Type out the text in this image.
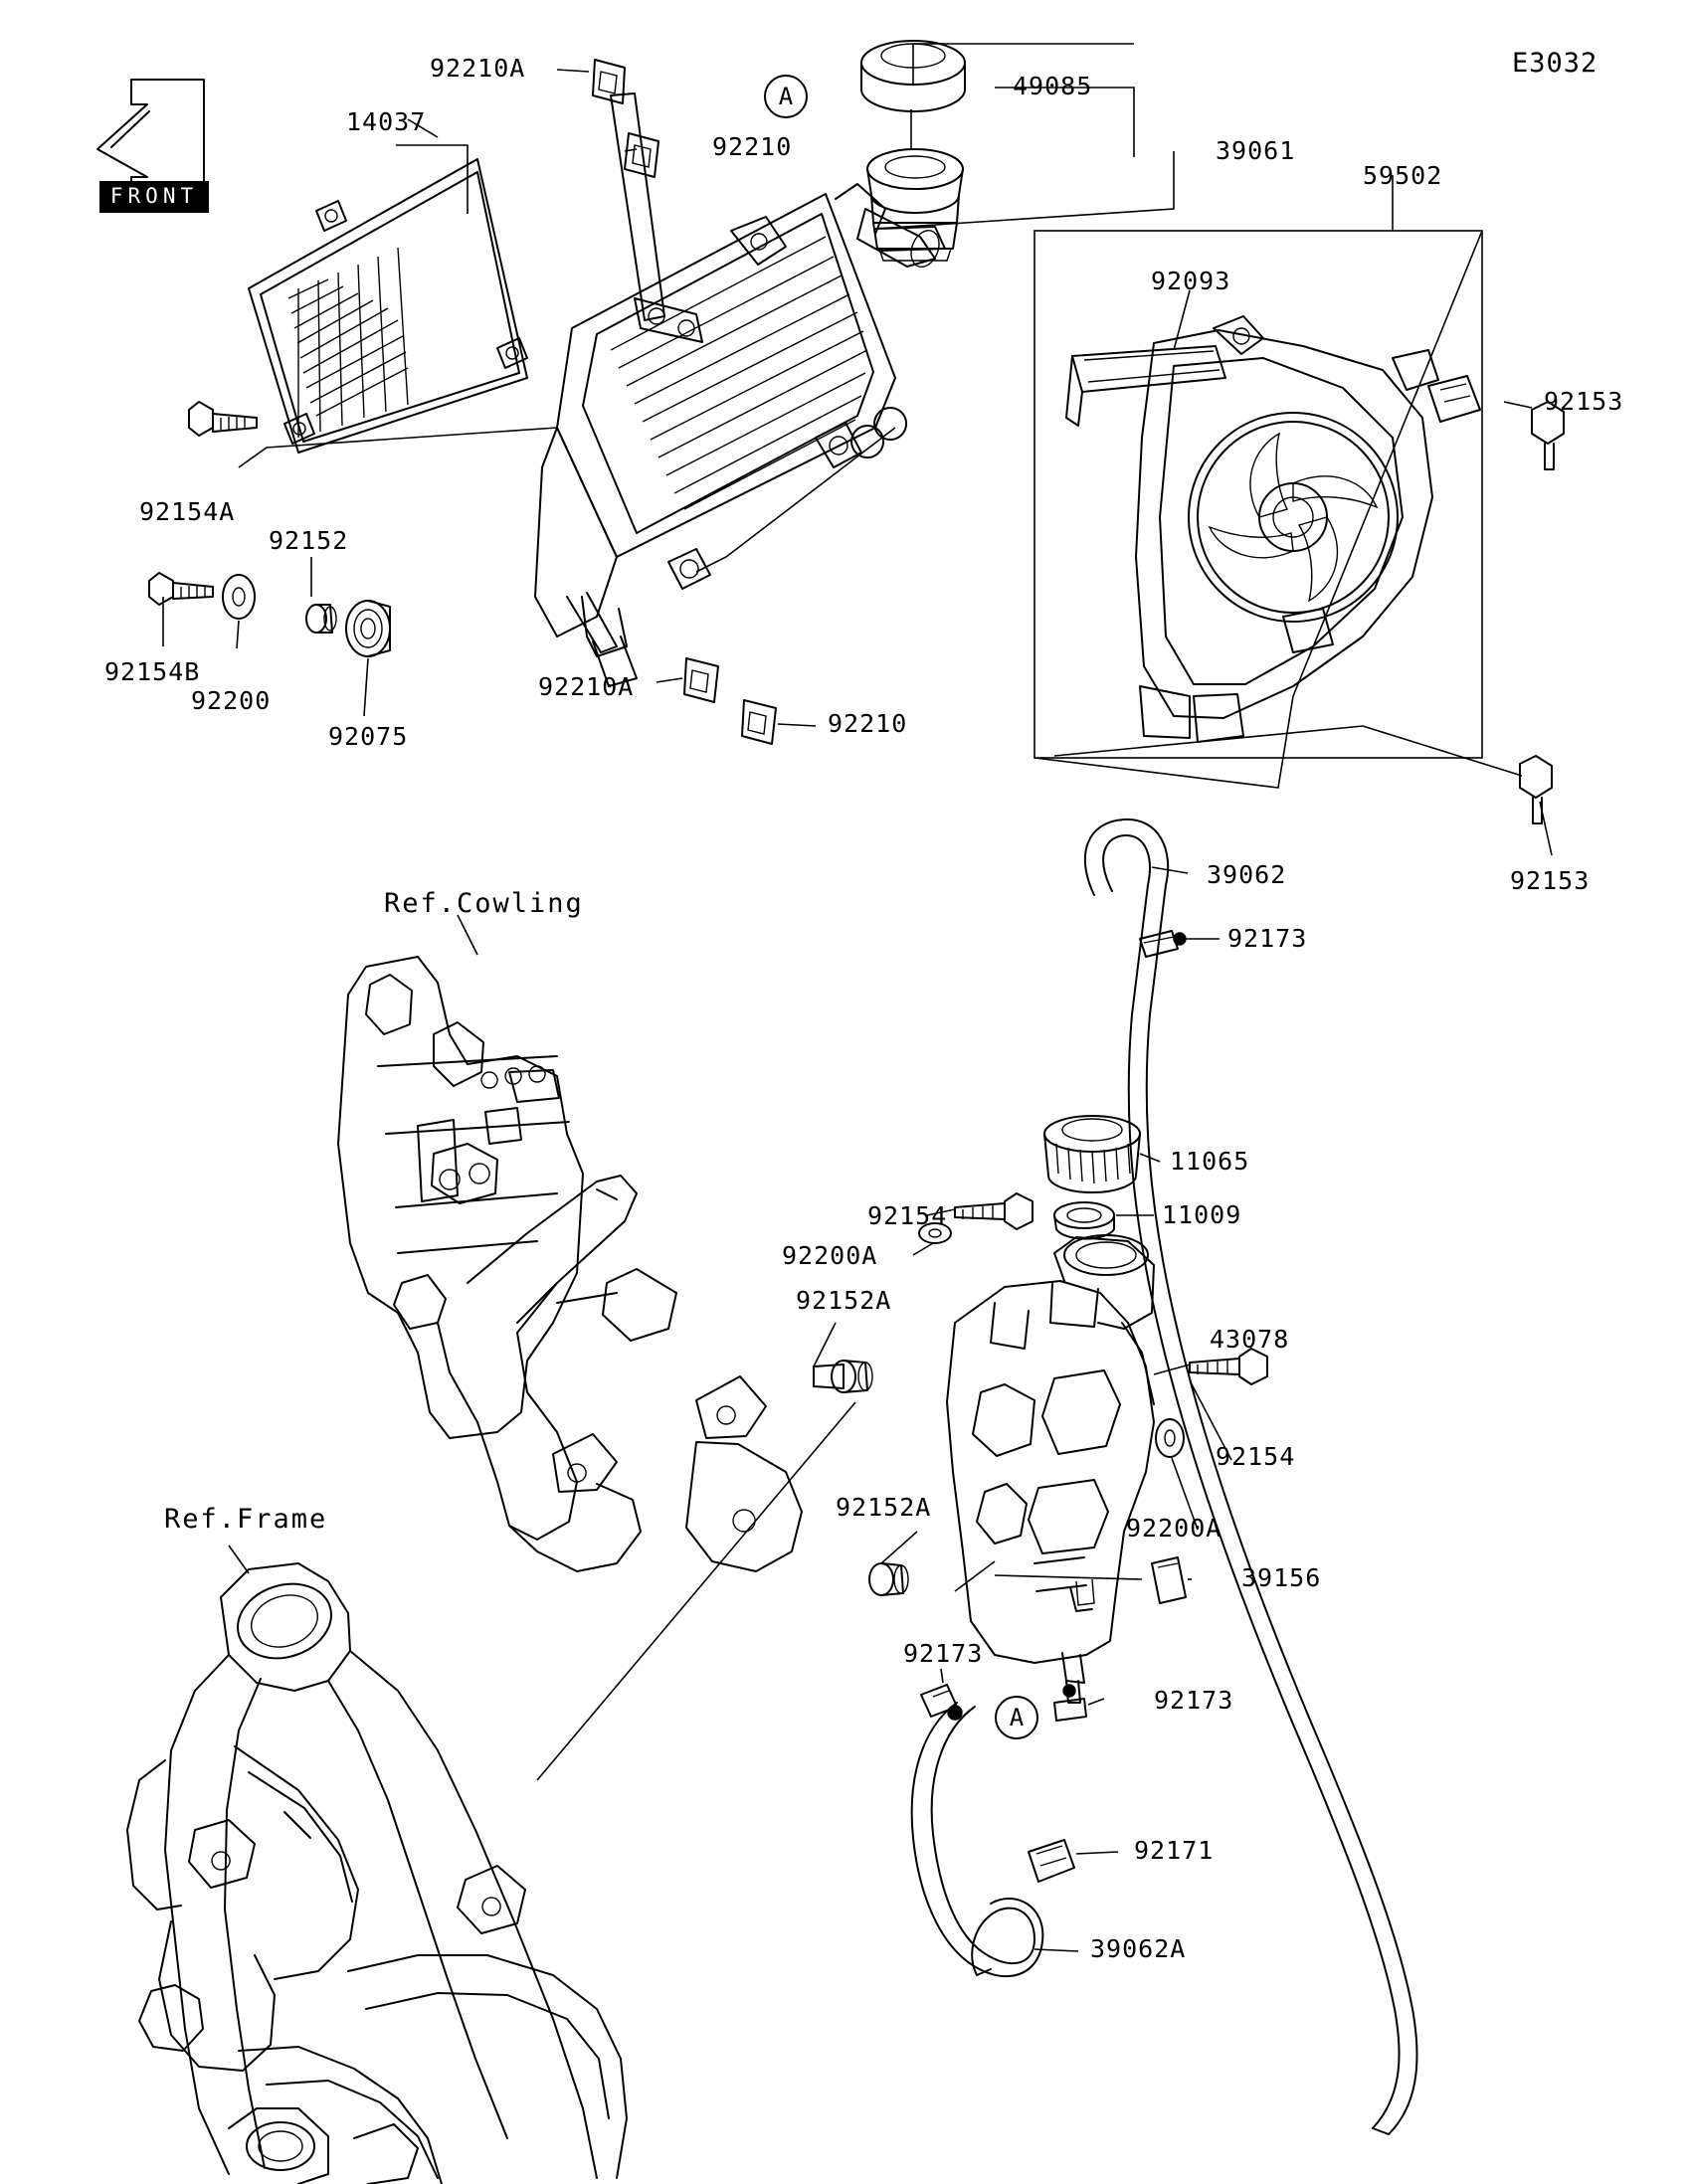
E3032
Ref.Cowling
Ref.Frame
A
A
92210A
14037
92210
49085
39061
59502
92093
92153
92154A
92152
92154B
92200
92075
92210A
92210
92153
39062
92173
11065
11009
92154
92200A
92152A
43078
92154
92200A
92152A
39156
92173
92173
92171
39062A
FRONT
